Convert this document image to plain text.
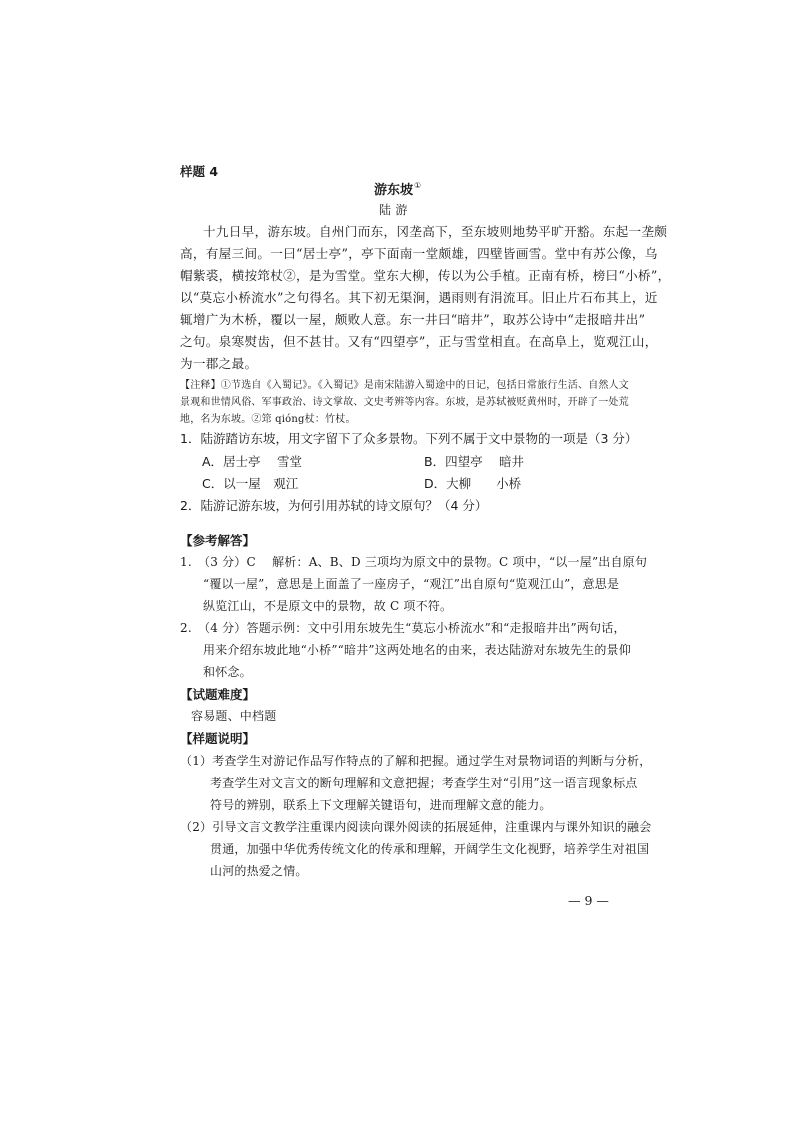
样题 4
游东坡①
陆 游
十九日早，游东坡。自州门而东，冈垄高下，至东坡则地势平旷开豁。东起一垄颇
高，有屋三间。一曰“居士亭”，亭下面南一堂颇雄，四壁皆画雪。堂中有苏公像，乌
帽紫裘，横按筇杖②，是为雪堂。堂东大柳，传以为公手植。正南有桥，榜曰“小桥”，
以“莫忘小桥流水”之句得名。其下初无渠涧，遇雨则有涓流耳。旧止片石布其上，近
辄增广为木桥，覆以一屋，颇败人意。东一井曰“暗井”，取苏公诗中“走报暗井出”
之句。泉寒熨齿，但不甚甘。又有“四望亭”，正与雪堂相直。在高阜上，览观江山，
为一郡之最。
【注释】①节选自《入蜀记》。《入蜀记》是南宋陆游入蜀途中的日记，包括日常旅行生活、自然人文
景观和世情风俗、军事政治、诗文掌故、文史考辨等内容。东坡，是苏轼被贬黄州时，开辟了一处荒
地，名为东坡。②筇 qióng杖：竹杖。
1．陆游踏访东坡，用文字留下了众多景物。下列不属于文中景物的一项是（3 分）
A．居士亭　 雪堂	B．四望亭　 暗井
C．以一屋　观江	D．大柳　　小桥
2．陆游记游东坡，为何引用苏轼的诗文原句？（4 分）
【参考解答】
1.　（3 分）C　 解析：A、B、D 三项均为原文中的景物。C 项中，“以一屋”出自原句
“覆以一屋”，意思是上面盖了一座房子，“观江”出自原句“览观江山”，意思是
纵览江山，不是原文中的景物，故 C 项不符。
2.　（4 分）答题示例：文中引用东坡先生“莫忘小桥流水”和“走报暗井出”两句话，
用来介绍东坡此地“小桥”“暗井”这两处地名的由来，表达陆游对东坡先生的景仰
和怀念。
【试题难度】
容易题、中档题
【样题说明】
（1）考查学生对游记作品写作特点的了解和把握。通过学生对景物词语的判断与分析，
考查学生对文言文的断句理解和文意把握；考查学生对“引用”这一语言现象标点
符号的辨别，联系上下文理解关键语句，进而理解文意的能力。
（2）引导文言文教学注重课内阅读向课外阅读的拓展延伸，注重课内与课外知识的融会
贯通，加强中华优秀传统文化的传承和理解，开阔学生文化视野，培养学生对祖国
山河的热爱之情。
— 9 —
